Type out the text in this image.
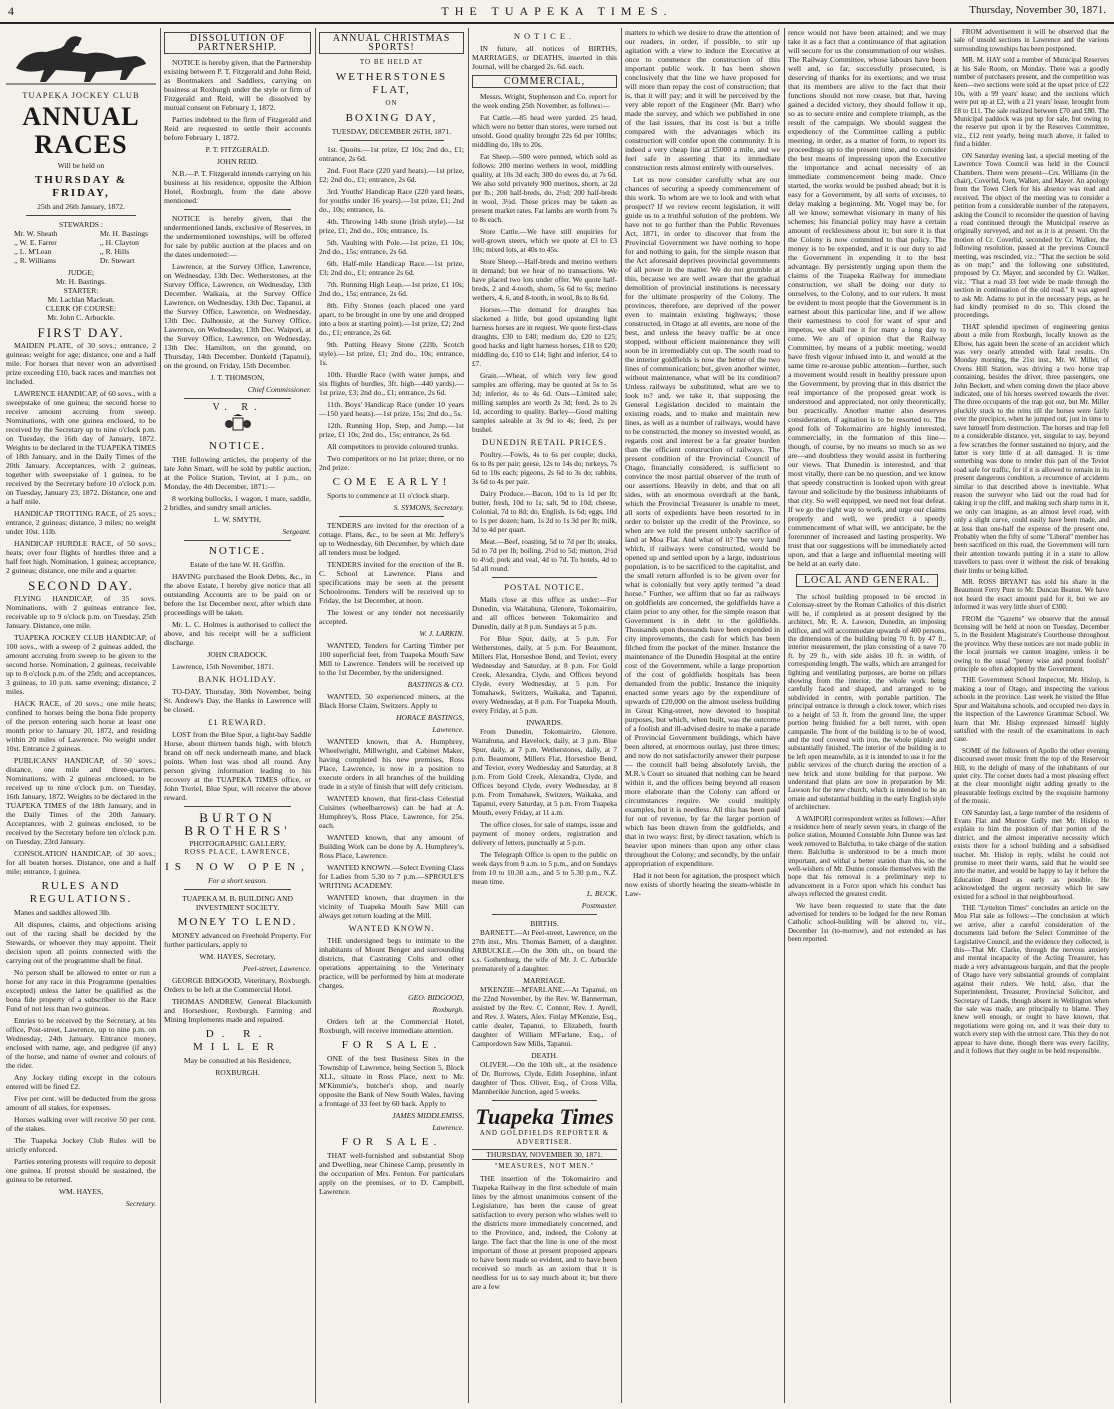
4	THE TUAPEKA TIMES.	Thursday, November 30, 1871.
TUAPEKA JOCKEY CLUB
ANNUAL RACES
Will be held on
THURSDAY & FRIDAY,
25th and 26th January, 1872.
STEWARDS :
Mr. W. Sheath
,, W. E. Farrer
,, L. M'Lean
,, R. Williams
Mr. H. Bastings
,, H. Clayton
,, R. Hills
Dr. Stewart
JUDGE;
Mr. H. Bastings.
STARTER:
Mr. Lachlan Maclean.
CLERK OF COURSE:
Mr. John C. Arbuckle.
FIRST DAY.

MAIDEN PLATE, of 30 sovs.; entrance, 2 guineas; weight for age; distance, one and a half mile. For horses that never won an advertised prize exceeding £10, back races and matches not included.

LAWRENCE HANDICAP, of 60 sovs., with a sweepstake of one guinea; the second horse to receive amount accruing from sweep. Nominations, with one guinea enclosed, to be received by the Secretary up to nine o'clock p.m. on Tuesday, the 16th day of January, 1872. Weights to be declared in the TUAPEKA TIMES of 18th January, and in the Daily Times of the 20th January. Acceptances, with 2 guineas, together with sweepstake of 1 guinea, to be received by the Secretary before 10 o'clock p.m. on Tuesday, January 23, 1872. Distance, one and a half mile.

HANDICAP TROTTING RACE, of 25 sovs.; entrance, 2 guineas; distance, 3 miles; no weight under 10st. 11lb.

HANDICAP HURDLE RACE, of 50 sovs.; heats; over four flights of hurdles three and a half feet high. Nomination, 1 guinea; acceptance, 2 guineas; distance, one mile and a quarter.

SECOND DAY.

FLYING HANDICAP, of 35 sovs. Nominations, with 2 guineas entrance fee, receivable up to 9 o'clock p.m. on Tuesday, 25th January. Distance, one mile.

TUAPEKA JOCKEY CLUB HANDICAP, of 100 sovs., with a sweep of 2 guineas added, the amount accruing from sweep to be given to the second horse. Nomination, 2 guineas, receivable up to 8 o'clock p.m. of the 25th; and acceptances, 3 guineas, to 10 p.m. same evening; distance, 2 miles.

HACK RACE, of 20 sovs.; one mile heats; confined to horses being the bona fide property of the person entering such horse at least one month prior to January 20, 1872, and residing within 20 miles of Lawrence. No weight under 10st. Entrance 2 guineas.

PUBLICANS' HANDICAP, of 50 sovs.; distance, one mile and three-quarters. Nominations, with 2 guineas enclosed, to be received up to nine o'clock p.m. on Tuesday, 16th January, 1872. Weights to be declared in the TUAPEKA TIMES of the 18th January, and in the Daily Times of the 20th January. Acceptances, with 2 guineas enclosed, to be received by the Secretary before ten o'clock p.m. on Tuesday, 23rd January.

CONSOLATION HANDICAP, of 30 sovs.; for all beaten horses. Distance, one and a half mile; entrance, 1 guinea.

RULES AND REGULATIONS.

Manes and saddles allowed 3lb.

All disputes, claims, and objections arising out of the racing shall be decided by the Stewards, or whoever they may appoint. Their decision upon all points connected with the carrying out of the programme shall be final.

No person shall be allowed to enter or run a horse for any race in this Programme (penalties excepted) unless the latter be qualified as the bona fide property of a subscriber to the Race Fund of not less than two guineas.

Entries to be received by the Secretary, at his office, Post-street, Lawrence, up to nine p.m. on Wednesday, 24th January. Entrance money, enclosed with name, age, and pedigree (if any) of the horse, and name of owner and colours of the rider.

Any Jockey riding except in the colours entered will be fined £2.

Five per cent. will be deducted from the gross amount of all stakes, for expenses.

Horses walking over will receive 50 per cent. of the stakes.

The Tuapeka Jockey Club Rules will be strictly enforced.

Parties entering protests will require to deposit one guinea. If protest should be sustained, the guinea to be returned.

WM. HAYES,

Secretary.

DISSOLUTION OF PARTNERSHIP.

NOTICE is hereby given, that the Partnership existing between P. T. Fitzgerald and John Reid, as Bootmakers and Saddlers, carrying on business at Roxburgh under the style or firm of Fitzgerald and Reid, will be dissolved by mutual consent on February 1, 1872.

Parties indebted to the firm of Fitzgerald and Reid are requested to settle their accounts before February 1, 1872.

P. T. FITZGERALD.

JOHN REID.

N.B.—P. T. Fitzgerald intends carrying on his business at his residence, opposite the Albion Hotel, Roxburgh, from the date above mentioned.

NOTICE is hereby given, that the undermentioned lands, exclusive of Reserves, in the undermentioned townships, will be offered for sale by public auction at the places and on the dates undernoted:—

Lawrence, at the Survey Office, Lawrence, on Wednesday, 13th Dec. Wetherstones, at the Survey Office, Lawrence, on Wednesday, 13th December. Waikaia, at the Survey Office Lawrence, on Wednesday, 13th Dec. Tapanui, at the Survey Office, Lawrence, on Wednesday, 13th Dec. Dalhousie, at the Survey Office, Lawrence, on Wednesday, 13th Dec. Waipori, at the Survey Office, Lawrence, on Wednesday, 13th Dec. Hamilton, on the ground, on Thursday, 14th December. Dunkeld (Tapanui), on the ground, on Friday, 15th December.

J. T. THOMSON,

Chief Commissioner.

V. R.
NOTICE.

THE following articles, the property of the late John Smart, will be sold by public auction, at the Police Station, Teviot, at 1 p.m., on Monday, the 4th December, 1871:—

8 working bullocks, 1 wagon, 1 mare, saddle, 2 bridles, and sundry small articles.

L. W. SMYTH,

Sergeant.

NOTICE.

Estate of the late W. H. Griffin.

HAVING purchased the Book Debts, &c., in the above Estate, I hereby give notice that all outstanding Accounts are to be paid on or before the 1st December next, after which date proceedings will be taken.

Mr. L. C. Holmes is authorised to collect the above, and his receipt will be a sufficient discharge.

JOHN CRADOCK.

Lawrence, 15th November, 1871.

BANK HOLIDAY.

TO-DAY, Thursday, 30th November, being St. Andrew's Day, the Banks in Lawrence will be closed.

£1 REWARD.

LOST from the Blue Spur, a light-bay Saddle Horse, about thirteen hands high, with blotch brand on off neck underneath mane, and black points. When lost was shod all round. Any person giving information leading to his recovery at the TUAPEKA TIMES office, or John Treriel, Blue Spur, will receive the above reward.

BURTON BROTHERS'
PHOTOGRAPHIC GALLERY,
ROSS PLACE, LAWRENCE,
IS NOW OPEN,
For a short season.
TUAPEKA M. B. BUILDING AND INVESTMENT SOCIETY.
MONEY TO LEND.

MONEY advanced on Freehold Property. For further particulars, apply to

WM. HAYES, Secretary,

Peel-street, Lawrence.

GEORGE BIDGOOD, Veterinary, Roxburgh. Orders to be left at the Commercial Hotel.

THOMAS ANDREW, General Blacksmith and Horseshoer, Roxburgh. Farming and Mining Implements made and repaired.

D. R. MILLER

May be consulted at his Residence,

ROXBURGH.

ANNUAL CHRISTMAS SPORTS!
TO BE HELD AT
WETHERSTONES FLAT,
ON
BOXING DAY,
TUESDAY, DECEMBER 26TH, 1871.

1st. Quoits.—1st prize, £2 10s; 2nd do., £1; entrance, 2s 6d.

2nd. Foot Race (220 yard heats).—1st prize, £2; 2nd do., £1; entrance, 2s 6d.

3rd. Youths' Handicap Race (220 yard heats, for youths under 16 years).—1st prize, £1; 2nd do., 10s; entrance, 1s.

4th. Throwing 14lb stone (Irish style).—1st prize, £1; 2nd do., 10s; entrance, 1s.

5th. Vaulting with Pole.—1st prize, £1 10s; 2nd do., 15s; entrance, 2s 6d.

6th. Half-mile Handicap Race.—1st prize, £3; 2nd do., £1; entrance 2s 6d.

7th. Running High Leap.—1st prize, £1 10s; 2nd do., 15s; entrance, 2s 6d.

8th. Fifty Stones (each placed one yard apart, to be brought in one by one and dropped into a box at starting point).—1st prize, £2; 2nd do., £1; entrance, 2s 6d.

9th. Putting Heavy Stone (22lb, Scotch style).—1st prize, £1; 2nd do., 10s; entrance, 1s.

10th. Hurdle Race (with water jumps, and six flights of hurdles, 3ft. high—440 yards).—1st prize, £3; 2nd do., £1; entrance, 2s 6d.

11th. Boys' Handicap Race (under 10 years—150 yard heats).—1st prize, 15s; 2nd do., 5s.

12th. Running Hop, Step, and Jump.—1st prize, £1 10s; 2nd do., 15s; entrance, 2s 6d.

All competitors to provide coloured trunks.

Two competitors or no 1st prize; three, or no 2nd prize.

COME EARLY!

Sports to commence at 11 o'clock sharp.

S. SYMONS, Secretary.

TENDERS are invited for the erection of a cottage. Plans, &c., to be seen at Mr. Jeffery's up to Wednesday, 6th December, by which date all tenders must be lodged.

TENDERS invited for the erection of the R. C. School at Lawrence. Plans and specifications may be seen at the present Schoolrooms. Tenders will be received up to Friday, the 1st December, at noon.

The lowest or any tender not necessarily accepted.

W. J. LARKIN.

WANTED, Tenders for Carting Timber per 100 superficial feet, from Tuapeka Mouth Saw Mill to Lawrence. Tenders will be received up to the 1st December, by the undersigned.

BASTINGS & CO.

WANTED, 50 experienced miners, at the Black Horse Claim, Switzers. Apply to

HORACE BASTINGS,

Lawrence.

WANTED known, that A. Humphrey, Wheelwright, Millwright, and Cabinet Maker, having completed his new premises, Ross Place, Lawrence, is now in a position to execute orders in all branches of the building trade in a style of finish that will defy criticism.

WANTED known, that first-class Celestial Cuisines (wheelbarrows) can be had at A. Humphrey's, Ross Place, Lawrence, for 25s. each.

WANTED known, that any amount of Building Work can be done by A. Humphrey's, Ross Place, Lawrence.

WANTED KNOWN.—Select Evening Class for Ladies from 5.30 to 7 p.m.—SPROULE'S WRITING ACADEMY.

WANTED known, that draymen in the vicinity of Tuapeka Mouth Saw Mill can always get return loading at the Mill.

WANTED KNOWN.

THE undersigned begs to intimate to the inhabitants of Mount Benger and surrounding districts, that Castrating Colts and other operations appertaining to the Veterinary practice, will be performed by him at moderate charges.

GEO. BIDGOOD,

Roxburgh.

Orders left at the Commercial Hotel, Roxburgh, will receive immediate attention.

FOR SALE.

ONE of the best Business Sites in the Township of Lawrence, being Section 5, Block XLI., situate in Ross Place, next to Mr. M'Kimmie's, butcher's shop, and nearly opposite the Bank of New South Wales, having a frontage of 33 feet by 60 back. Apply to

JAMES MIDDLEMISS,

Lawrence.

FOR SALE.

THAT well-furnished and substantial Shop and Dwelling, near Chinese Camp, presently in the occupation of Mrs. Fenton. For particulars apply on the premises, or to D. Campbell, Lawrence.

NOTICE.

IN future, all notices of BIRTHS, MARRIAGES, or DEATHS, inserted in this Journal, will be charged 2s. 6d. each.

COMMERCIAL,

Messrs. Wright, Stephenson and Co. report for the week ending 25th November, as follows:—

Fat Cattle.—85 head were yarded. 25 head, which were no better than stores, were turned out unsold. Good quality brought 22s 6d per 100lbs; middling do, 18s to 20s.

Fat Sheep.—500 were penned, which sold as follows: 200 merino wethers in wool, middling quality, at 10s 3d each; 300 do ewes do, at 7s 6d. We also sold privately 900 merinos, shorn, at 2d per lb.; 200 half-breds, do, 2½d; 200 half-breds in wool, 3¼d. These prices may be taken as present market rates. Fat lambs are worth from 7s to 8s each.

Store Cattle.—We have still enquiries for well-grown steers, which we quote at £3 to £3 10s; mixed lots, at 40s to 45s.

Store Sheep.—Half-breds and merino wethers in demand; but we hear of no transactions. We have placed two lots under offer. We quote half-breds, 2 and 4-tooth, shorn, 5s 6d to 6s; merino wethers, 4, 6, and 8-tooth, in wool, 8s to 8s 6d.

Horses.—The demand for draughts has slackened a little, but good upstanding light harness horses are in request. We quote first-class draughts, £30 to £40; medium do, £20 to £25; good hacks and light harness horses, £18 to £20; middling do, £10 to £14; light and inferior, £4 to £7.

Grain.—Wheat, of which very few good samples are offering, may be quoted at 5s to 5s 3d; inferior, 4s to 4s 6d. Oats—Limited sale; milling samples are worth 2s 3d; feed, 2s to 2s 1d, according to quality. Barley—Good malting samples saleable at 3s 9d to 4s; feed, 2s per bushel.

DUNEDIN RETAIL PRICES.

Poultry.—Fowls, 4s to 6s per couple; ducks, 6s to 8s per pair; geese, 12s to 14s do; turkeys, 7s 6d to 10s each; pigeons, 2s 6d to 3s do; rabbits, 3s 6d to 4s per pair.

Dairy Produce.—Bacon, 10d to 1s 1d per lb; butter, fresh, 10d to 1s; salt, 9d to 10d; cheese, Colonial, 7d to 8d; do, English, 1s 6d; eggs, 10d to 1s per dozen; ham, 1s 2d to 1s 3d per lb; milk, 3d to 4d per quart.

Meat.—Beef, roasting, 5d to 7d per lb; steaks, 5d to 7d per lb; boiling, 2½d to 5d; mutton, 2½d to 4½d; pork and veal, 4d to 7d. To hotels, 4d to 5d all round.

POSTAL NOTICE.

Mails close at this office as under:—For Dunedin, via Waitahuna, Glenore, Tokomairiro, and all offices between Tokomairiro and Dunedin, daily at 8 p.m. Sundays at 5 p.m.

For Blue Spur, daily, at 5 p.m. For Wetherstones, daily, at 5 p.m. For Beaumont, Millers Flat, Horseshoe Bend, and Teviot, every Wednesday and Saturday, at 8 p.m. For Gold Creek, Alexandra, Clyde, and Offices beyond Clyde, every Wednesday, at 5 p.m. For Tomahawk, Switzers, Waikaka, and Tapanui, every Wednesday, at 8 p.m. For Tuapeka Mouth, every Friday, at 5 p.m.

INWARDS.

From Dunedin, Tokomairiro, Glenore, Waitahuna, and Havelock, daily, at 3 p.m. Blue Spur, daily, at 7 p.m. Wetherstones, daily, at 7 p.m. Beaumont, Millers Flat, Horseshoe Bend, and Teviot, every Wednesday and Saturday, at 8 p.m. From Gold Creek, Alexandra, Clyde, and Offices beyond Clyde, every Wednesday, at 8 p.m. From Tomahawk, Switzers, Waikaka, and Tapanui, every Saturday, at 5 p.m. From Tuapeka Mouth, every Friday, at 11 a.m.

The office closes, for sale of stamps, issue and payment of money orders, registration and delivery of letters, punctually at 5 p.m.

The Telegraph Office is open to the public on week days from 9 a.m. to 5 p.m., and on Sundays from 10 to 10.30 a.m., and 5 to 5.30 p.m., N.Z. mean time.

L. BUCK,

Postmaster.

BIRTHS.

BARNETT.—At Peel-street, Lawrence, on the 27th inst., Mrs. Thomas Barnett, of a daughter. ARBUCKLE.—On the 30th ult., on board the s.s. Gothenburg, the wife of Mr. J. C. Arbuckle prematurely of a daughter.

MARRIAGE.

M'KENZIE—M'FARLANE.—At Tapanui, on the 22nd November, by the Rev. W. Bannerman, assisted by the Rev. C. Connor, Rev. J. Ayrell, and Rev. J. Waters, Alex. Finlay M'Kenzie, Esq., cattle dealer, Tapanui, to Elizabeth, fourth daughter of William M'Farlane, Esq., of Campordown Saw Mills, Tapanui.

DEATH.

OLIVER.—On the 10th ult., at the residence of Dr. Burrows, Clyde, Edith Josephine, infant daughter of Thos. Oliver, Esq., of Cross Villa, Mannherikie Junction, aged 5 weeks.

Tuapeka Times
AND GOLDFIELDS REPORTER & ADVERTISER.
THURSDAY, NOVEMBER 30, 1871.
"MEASURES, NOT MEN."

THE insertion of the Tokomairiro and Tuapeka Railway in the first schedule of main lines by the almost unanimous consent of the Legislature, has been the cause of great satisfaction to every person who wishes well to the districts more immediately concerned, and to the Province, and, indeed, the Colony at large. The fact that the line is one of the most important of those at present proposed appears to have been made so evident, and to have been received so much as an axiom that it is needless for us to say much about it; but there are a few

matters to which we desire to draw the attention of our readers, in order, if possible, to stir up agitation with a view to induce the Executive at once to commence the construction of this important public work. It has been shown conclusively that the line we have proposed for will more than repay the cost of construction; that is, that it will pay; and it will be perceived by the very able report of the Engineer (Mr. Barr) who made the survey, and which we published in one of the last issues, that its cost is but a trifle compared with the advantages which its construction will confer upon the community. It is indeed a very cheap line at £5000 a mile, and we feel safe in asserting that its immediate construction rests almost entirely with ourselves.

Let us now consider carefully what are our chances of securing a speedy commencement of this work. To whom are we to look and with what prospect? If we review recent legislation, it will guide us to a truthful solution of the problem. We have not to go further than the Public Revenues Act, 1871, in order to discover that from the Provincial Government we have nothing to hope for and nothing to gain, for the simple reason that the Act aforesaid deprives provincial governments of all power in the matter. We do not grumble at this, because we are well aware that the gradual demolition of provincial institutions is necessary for the ultimate prosperity of the Colony. The provinces, therefore, are deprived of the power even to maintain existing highways; those constructed, in Otago at all events, are none of the best, and unless the heavy traffic be at once stopped, without efficient maintenance they will soon be in irremediably cut up. The south road to the interior goldfields is now the better of the two lines of communication; but, given another winter, without maintenance, what will be its condition? Unless railways be substituted, what are we to look to? and, we take it, that supposing the General Legislation decided to maintain the existing roads, and to make and maintain new lines, as well as a number of railways, would have to be constructed, the money so invested would, as regards cost and interest be a far greater burden than the efficient construction of railways. The present condition of the Provincial Council of Otago, financially considered, is sufficient to convince the most partial observer of the truth of our assertions. Heavily in debt, and that on all sides, with an enormous overdraft at the bank, which the Provincial Treasurer is unable to meet, all sorts of expedients have been resorted to in order to bolster up the credit of the Province, so when are we told the present unholy sacrifice of land at Moa Flat. And what of it? The very land which, if railways were constructed, would be opened up and settled upon by a large, industrious population, is to be sacrificed to the capitalist, and the small return afforded is to be given over for what is colonially but very aptly termed "a dead horse." Further, we affirm that so far as railways on goldfields are concerned, the goldfields have a claim prior to any other, for the simple reason that Government is in debt to the goldfields. Thousands upon thousands have been expended in city improvements, the cash for which has been filched from the pocket of the miner. Instance the maintenance of the Dunedin Hospital at the entire cost of the Government, while a large proportion of the cost of goldfields hospitals has been demanded from the public. Instance the iniquity enacted some years ago by the expenditure of upwards of £20,000 on the almost useless building in Great King-street, now devoted to hospital purposes, but which, when built, was the outcome of a foolish and ill-advised desire to make a parade of Provincial Government buildings, which have been altered, at enormous outlay, just three times; and now do not satisfactorily answer their purpose — the council hall being absolutely lavish, the M.R.'s Court so situated that nothing can be heard within it, and the offices being beyond all reason more elaborate than the Colony can afford or circumstances require. We could multiply examples, but it is needless. All this has been paid for out of revenue, by far the larger portion of which has been drawn from the goldfields, and that in two ways: first, by direct taxation, which is heavier upon miners than upon any other class throughout the Colony; and secondly, by the unfair appropriation of expenditure.

Had it not been for agitation, the prospect which now exists of shortly hearing the steam-whistle in Law-

rence would not have been attained; and we may take it as a fact that a continuance of that agitation will secure for us the consummation of our wishes. The Railway Committee, whose labours have been well and, so far, successfully prosecuted, is deserving of thanks for its exertions; and we trust that its members are alive to the fact that their functions should not now cease, but that, having gained a decided victory, they should follow it up, so as to secure entire and complete triumph, as the result of the campaign. We should suggest the expediency of the Committee calling a public meeting, in order, as a matter of form, to report its proceedings up to the present time, and to consider the best means of impressing upon the Executive the importance and actual necessity of an immediate commencement being made. Once started, the works would be pushed ahead; but it is easy for a Government, by all sorts of excuses, to delay making a beginning. Mr. Vogel may be, for all we know, somewhat visionary in many of his schemes; his financial policy may have a certain amount of recklessness about it; but sure it is that the Colony is now committed to that policy. The money is to be expended, and it is our duty to aid the Government in expending it to the best advantage. By persistently urging upon them the claims of the Tuapeka Railway for immediate construction, we shall be doing our duty to ourselves, to the Colony, and to our rulers. It must be evident to most people that the Government is in earnest about this particular line, and if we allow their earnestness to cool for want of spur and impetus, we shall rue it for many a long day to come. We are of opinion that the Railway Committee, by means of a public meeting, would have fresh vigour infused into it, and would at the same time re-arouse public attention—further, such a movement would result in healthy pressure upon the Government, by proving that in this district the real importance of the proposed great work is understood and appreciated, not only theoretically, but practically. Another matter also deserves consideration, if agitation is to be resorted to. The good folk of Tokomairiro are highly interested, commercially, in the formation of this line—though, of course, by no means so much so as we are—and doubtless they would assist in furthering our views. That Dunedin is interested, and that most vitally, there can be no question, and we know that speedy construction is looked upon with great favour and solicitude by the business inhabitants of that city. So well equipped, we need not fear defeat. If we go the right way to work, and urge our claims properly and well, we predict a speedy commencement of what will, we anticipate, be the forerunner of increased and lasting prosperity. We trust that our suggestions will be immediately acted upon, and that a large and influential meeting will be held at an early date.

LOCAL AND GENERAL.

The school building proposed to be erected in Colonsay-street by the Roman Catholics of this district will be, if completed as at present designed by the architect, Mr. R. A. Lawson, Dunedin, an imposing edifice, and will accommodate upwards of 400 persons, the dimensions of the building being 70 ft. by 47 ft., interior measurement, the plan consisting of a nave 70 ft. by 29 ft., with side aisles 10 ft. in width, of corresponding length. The walls, which are arranged for lighting and ventilating purposes, are borne on pillars showing from the interior, the whole work being carefully faced and shaped, and arranged to be subdivided in centre, with portable partition. The principal entrance is through a clock tower, which rises to a height of 53 ft. from the ground line, the upper portion being finished for a bell turret, with open campanile. The front of the building is to be of wood, and the roof covered with iron, the whole plainly and substantially finished. The interior of the building is to be left open meanwhile, as it is intended to use it for the public services of the church during the erection of a new brick and stone building for that purpose. We understand that plans are now in preparation by Mr. Lawson for the new church, which is intended to be an ornate and substantial building in the early English style of architecture.

A WAIPORI correspondent writes as follows:—After a residence here of nearly seven years, in charge of the police station, Mounted Constable John Dunne was last week removed to Balclutha, to take charge of the station there. Balclutha is understood to be a much more important, and withal a better station than this, so the well-wishers of Mr. Dunne console themselves with the hope that his removal is a preliminary step to advancement in a Force upon which his conduct has always reflected the greatest credit.

We have been requested to state that the date advertised for tenders to be lodged for the new Roman Catholic school-building will be altered to, viz., December 1st (to-morrow), and not extended as has been reported.

FROM advertisement it will be observed that the sale of unsold sections in Lawrence and the various surrounding townships has been postponed.

MR. M. HAY sold a number of Municipal Reserves at his Sale Room, on Monday. There was a goodly number of purchasers present, and the competition was keen—two sections were sold at the upset price of £22 10s, with a 99 years' lease; and the sections which were put up at £2, with a 21 years' lease, brought from £8 to £11. The sale realized between £70 and £80. The Municipal paddock was put up for sale, but owing to the reserve put upon it by the Reserves Committee, viz., £12 rent yearly, being much above, it failed to find a bidder.

ON Saturday evening last, a special meeting of the Lawrence Town Council was held in the Council Chambers. There were present—Crs. Williams (in the chair), Coverlid, Iven, Walker, and Mayer. An apology from the Town Clerk for his absence was read and received. The object of the meeting was to consider a petition from a considerable number of the ratepayers, asking the Council to reconsider the question of having a road continued through the Municipal reserve as originally surveyed, and not as it is at present. On the motion of Cr. Coverlid, seconded by Cr. Walker, the following resolution, passed at the previous Council meeting, was rescinded, viz.: "That the section be sold as on map;" and the following one substituted, proposed by Cr. Mayer, and seconded by Cr. Walker, viz.: "That a road 33 feet wide be made through the section in continuation of the old road." It was agreed to ask Mr. Adams to put in the necessary pegs, as he had kindly promised to do so. This closed the proceedings.

THAT splendid specimen of engineering genius about a mile from Roxburgh, locally known as the Elbow, has again been the scene of an accident which was very nearly attended with fatal results. On Monday morning, the 21st inst., Mr. W. Miller, of Ovens Hill Station, was driving a two horse trap containing, besides the driver, three passengers, one John Beckett, and when coming down the place above indicated, one of his horses swerved towards the river. The three occupants of the trap got out, but Mr. Miller pluckily stuck to the reins till the horses were fairly over the precipice, when he jumped out, just in time to save himself from destruction. The horses and trap fell to a considerable distance, yet, singular to say, beyond a few scratches the former sustained no injury, and the latter is very little if at all damaged. It is time something was done to render this part of the Teviot road safe for traffic, for if it is allowed to remain in its present dangerous condition, a recurrence of accidents similar to that described above is inevitable. What reason the surveyor who laid out the road had for taking it up the cliff, and making such sharp turns in it, we only can imagine, as an almost level road, with only a slight curve, could easily have been made, and at less than one-half the expense of the present one. Probably when the fifty of some "Liberal" member has been sacrificed on this road, the Government will turn their attention towards putting it in a state to allow travellers to pass over it without the risk of breaking their limbs or being killed.

MR. ROSS BRYANT has sold his share in the Beaumont Ferry Punt to Mr. Duncan Beaton. We have not heard the exact amount paid for it, but we are informed it was very little short of £300.

FROM the "Gazette" we observe that the annual licensing will be held at noon on Tuesday, December 5, in the Resident Magistrate's Courthouse throughout the province. Why these notices are not made public in the local journals we cannot imagine, unless it be owing to the usual "penny wise and pound foolish" principle so often adopted by the Government.

THE Government School Inspector, Mr. Hislop, is making a tour of Otago, and inspecting the various schools in the province. Last week he visited the Blue Spur and Waitahuna schools, and occupied two days in the inspection of the Lawrence Grammar School. We learn that Mr. Hislop expressed himself highly satisfied with the result of the examinations in each case.

SOME of the followers of Apollo the other evening discoursed sweet music from the top of the Reservoir Hill, to the delight of many of the inhabitants of our quiet city. The cornet duets had a most pleasing effect at the clear moonlight night adding greatly to the pleasurable feelings excited by the exquisite harmony of the music.

ON Saturday last, a large number of the residents of Evans Flat and Munroe Gully met Mr. Hislop to explain to him the position of that portion of the district, and the almost imperative necessity which exists there for a school building and a subsidised teacher. Mr. Hislop in reply, whilst he could not promise to meet their wants, said that he would see into the matter, and would be happy to lay it before the Education Board as early as possible. He acknowledged the urgent necessity which he saw existed for a school in that neighbourhood.

THE "Lyttelton Times" concludes an article on the Moa Flat sale as follows:—The conclusion at which we arrive, after a careful consideration of the documents laid before the Select Committee of the Legislative Council, and the evidence they collected, is this—That Mr. Clarke, through the nervous anxiety and mental incapacity of the Acting Treasurer, has made a very advantageous bargain, and that the people of Otago have very substantial grounds of complaint against their rulers. We hold, also, that the Superintendent, Treasurer, Provincial Solicitor, and Secretary of Lands, though absent in Wellington when the sale was made, are principally to blame. They knew well enough, or ought to have known, that negotiations were going on, and it was their duty to watch every step with the utmost care. This they do not appear to have done, though there was every facility, and it follows that they ought to be held responsible.
